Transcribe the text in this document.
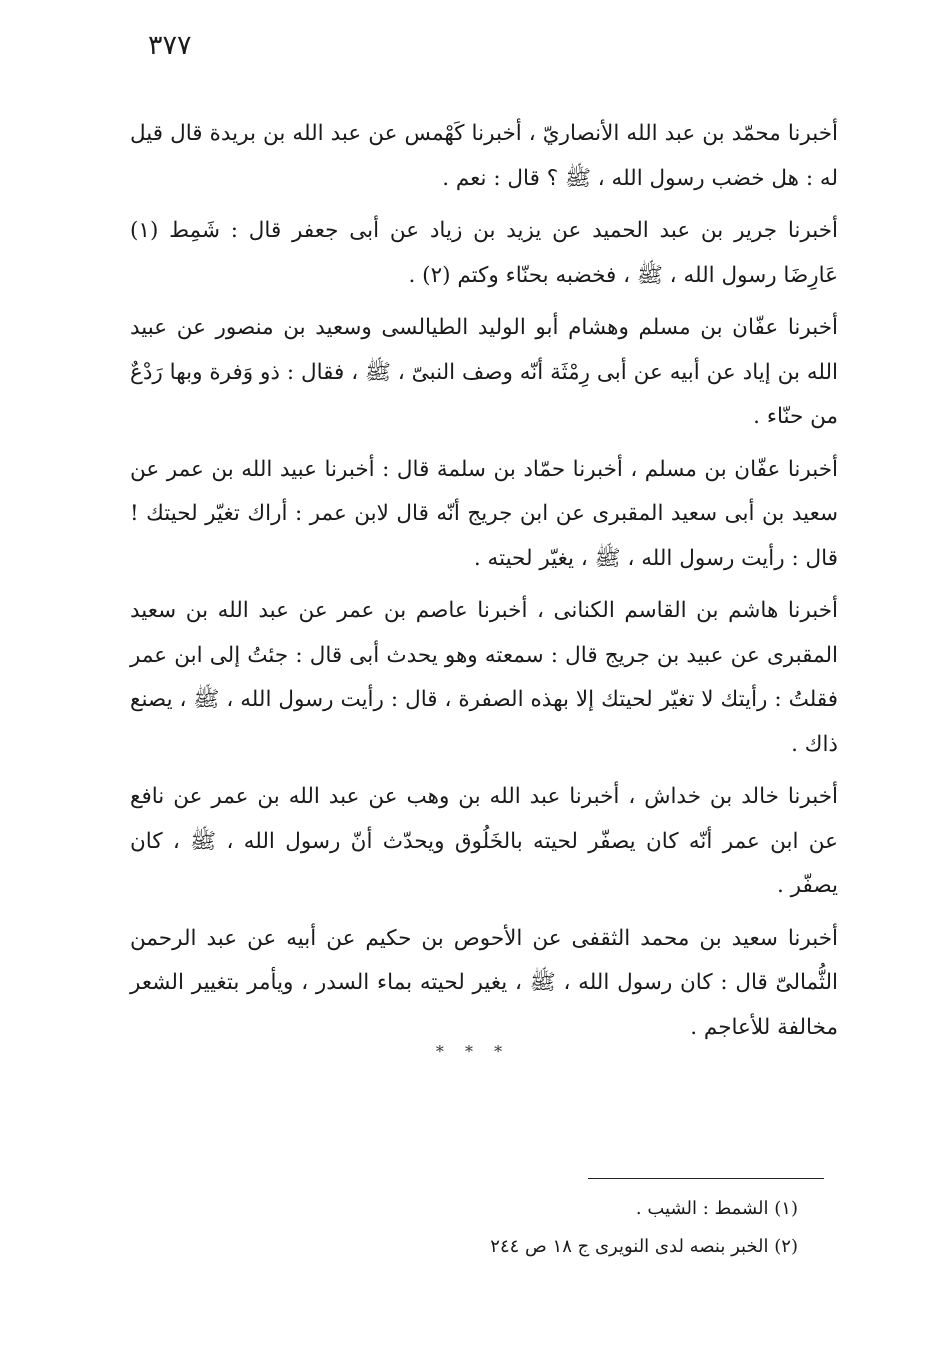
٣٧٧

أخبرنا محمّد بن عبد الله الأنصاريّ ، أخبرنا كَهْمس عن عبد الله بن بريدة قال قيل له : هل خضب رسول الله ، ﷺ ؟ قال : نعم .

أخبرنا جرير بن عبد الحميد عن يزيد بن زياد عن أبى جعفر قال : شَمِط (١) عَارِضَا رسول الله ، ﷺ ، فخضبه بحنّاء وكتم (٢) .

أخبرنا عفّان بن مسلم وهشام أبو الوليد الطيالسى وسعيد بن منصور عن عبيد الله بن إياد عن أبيه عن أبى رِمْثَة أنّه وصف النبىّ ، ﷺ ، فقال : ذو وَفرة وبها رَدْعٌ من حنّاء .

أخبرنا عفّان بن مسلم ، أخبرنا حمّاد بن سلمة قال : أخبرنا عبيد الله بن عمر عن سعيد بن أبى سعيد المقبرى عن ابن جريج أنّه قال لابن عمر : أراك تغيّر لحيتك ! قال : رأيت رسول الله ، ﷺ ، يغيّر لحيته .

أخبرنا هاشم بن القاسم الكنانى ، أخبرنا عاصم بن عمر عن عبد الله بن سعيد المقبرى عن عبيد بن جريج قال : سمعته وهو يحدث أبى قال : جئتُ إلى ابن عمر فقلتُ : رأيتك لا تغيّر لحيتك إلا بهذه الصفرة ، قال : رأيت رسول الله ، ﷺ ، يصنع ذاك .

أخبرنا خالد بن خداش ، أخبرنا عبد الله بن وهب عن عبد الله بن عمر عن نافع عن ابن عمر أنّه كان يصفّر لحيته بالخَلُوق ويحدّث أنّ رسول الله ، ﷺ ، كان يصفّر .

أخبرنا سعيد بن محمد الثقفى عن الأحوص بن حكيم عن أبيه عن عبد الرحمن الثُّمالىّ قال : كان رسول الله ، ﷺ ، يغير لحيته بماء السدر ، ويأمر بتغيير الشعر مخالفة للأعاجم .

* * *

(١) الشمط : الشيب .

(٢) الخبر بنصه لدى النويرى ج ١٨ ص ٢٤٤
